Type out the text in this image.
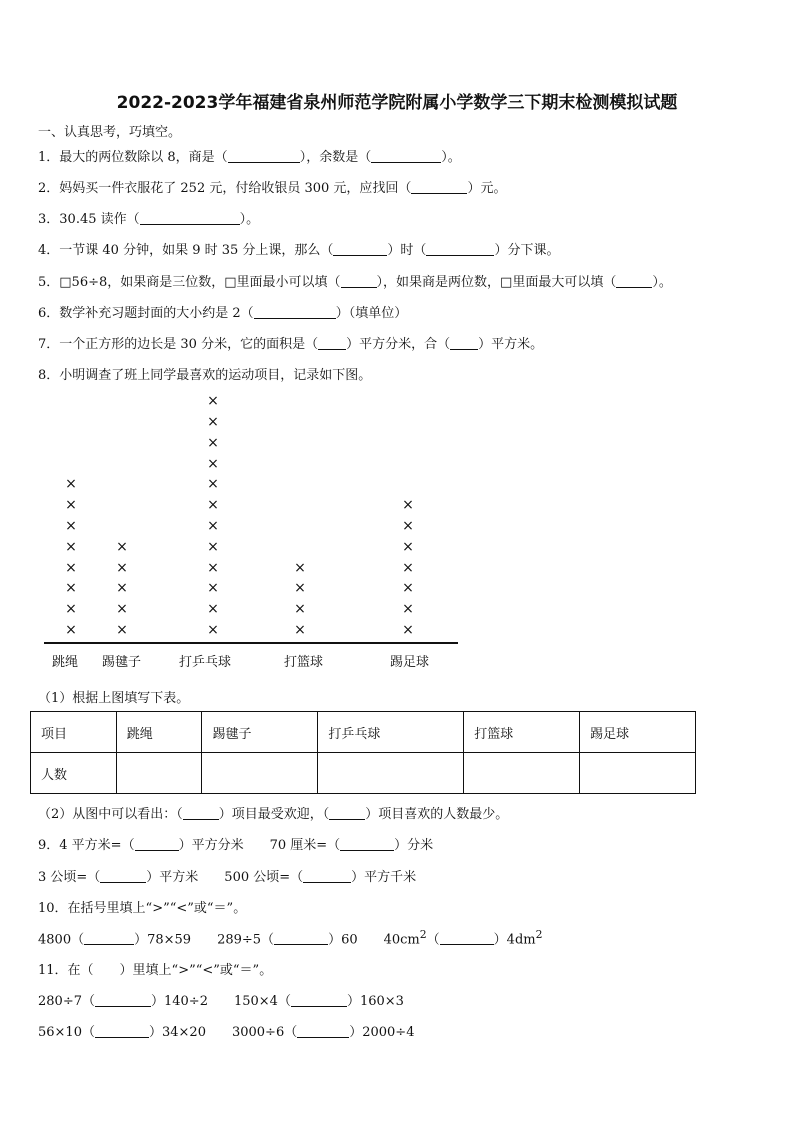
2022-2023学年福建省泉州师范学院附属小学数学三下期末检测模拟试题
一、认真思考，巧填空。
1．最大的两位数除以 8，商是（	），余数是（	）。
2．妈妈买一件衣服花了 252 元，付给收银员 300 元，应找回（	）元。
3．30.45 读作（	）。
4．一节课 40 分钟，如果 9 时 35 分上课，那么（	）时（	）分下课。
5．□56÷8，如果商是三位数，□里面最小可以填（	），如果商是两位数，□里面最大可以填（	）。
6．数学补充习题封面的大小约是 2（	）（填单位）
7．一个正方形的边长是 30 分米，它的面积是（ ）平方分米，合（ ）平方米。
8．小明调查了班上同学最喜欢的运动项目，记录如下图。
×
×
×
×
×
×
×
×
跳绳
×
×
×
×
×
踢毽子
×
×
×
×
×
×
×
×
×
×
×
×
打乒乓球
×
×
×
×
打篮球
×
×
×
×
×
×
×
踢足球
（1）根据上图填写下表。
项目	跳绳	踢毽子	打乒乓球	打篮球	踢足球
人数					
（2）从图中可以看出：（	）项目最受欢迎，（	）项目喜欢的人数最少。
9．4 平方米=（	）平方分米　　70 厘米=（	）分米
3 公顷=（	）平方米　　500 公顷=（	）平方千米
10．在括号里填上“>”“<”或“＝”。
4800（	）78×59　　289÷5（	）60　　$40cm^2$（	）$4dm^2$
11．在（　　）里填上“>”“<”或“＝”。
280÷7（	）140÷2　　150×4（	）160×3
56×10（	）34×20　　3000÷6（	）2000÷4
